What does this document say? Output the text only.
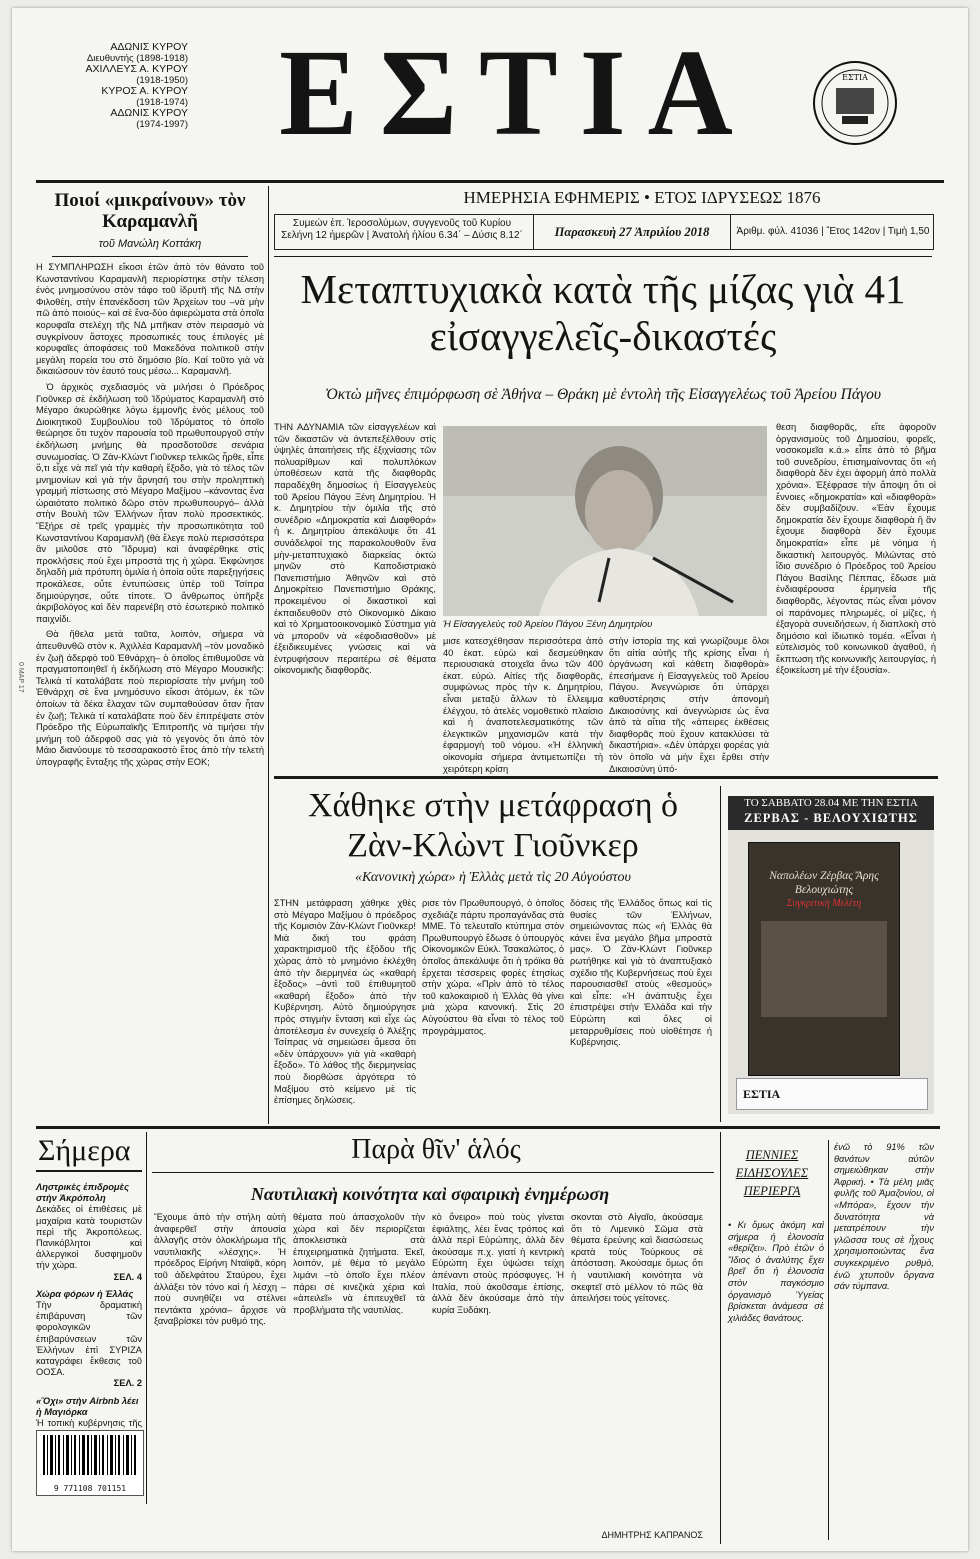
ΑΔΩΝΙΣ ΚΥΡΟΥ
Διευθυντής (1898-1918)
ΑΧΙΛΛΕΥΣ Α. ΚΥΡΟΥ
(1918-1950)
ΚΥΡΟΣ Α. ΚΥΡΟΥ
(1918-1974)
ΑΔΩΝΙΣ ΚΥΡΟΥ
(1974-1997) ΕΣΤΙΑ	ΕΣΤΙΑ
ΗΜΕΡΗΣΙΑ ΕΦΗΜΕΡΙΣ • ΕΤΟΣ ΙΔΡΥΣΕΩΣ 1876
Συμεών ἐπ. Ἱεροσολύμων, συγγενοῦς τοῦ Κυρίου
Σελήνη 12 ἡμερῶν | Ἀνατολή ἡλίου 6.34΄ – Δύσις 8.12΄	Παρασκευὴ 27 Ἀπριλίου 2018	Ἀριθμ. φύλ. 41036 | Ἔτος 142ον | Τιμὴ 1,50
Ποιοί «μικραίνουν» τὸν Καραμανλῆ
τοῦ Μανώλη Κοττάκη

Η ΣΥΜΠΛΗΡΩΣΗ εἴκοσι ἐτῶν ἀπὸ τὸν θάνατο τοῦ Κωνσταντίνου Καραμανλῆ περιορίστηκε στὴν τέλεση ἑνὸς μνημοσύνου στὸν τάφο τοῦ ἱδρυτῆ τῆς ΝΔ στὴν Φιλοθέη, στὴν ἐπανέκδοση τῶν Ἀρχείων του –νὰ μὴν πῶ ἀπὸ ποιούς– καὶ σὲ ἕνα-δύο ἀφιερώματα στὰ ὁποῖα κορυφαῖα στελέχη τῆς ΝΔ μπῆκαν στὸν πειρασμὸ νὰ συγκρίνουν ἄστοχες προσωπικές τους ἐπιλογὲς μὲ κορυφαῖες ἀποφάσεις τοῦ Μακεδόνα πολιτικοῦ στὴν μεγάλη πορεία του στὸ δημόσιο βίο. Καί τοῦτο γιὰ νὰ δικαιώσουν τὸν ἑαυτό τους μέσω... Καραμανλῆ.

Ὁ ἀρχικὸς σχεδιασμὸς νὰ μιλήσει ὁ Πρόεδρος Γιοῦνκερ σὲ ἐκδήλωση τοῦ Ἱδρύματος Καραμανλῆ στὸ Μέγαρο ἀκυρώθηκε λόγω ἐμμονῆς ἑνὸς μέλους τοῦ Διοικητικοῦ Συμβουλίου τοῦ Ἱδρύματος τὸ ὁποῖο θεώρησε ὅτι τυχὸν παρουσία τοῦ πρωθυπουργοῦ στὴν ἐκδήλωση μνήμης θὰ προσδοτοῦσε σενάρια συνωμοσίας. Ὁ Ζὰν-Κλὼντ Γιοῦνκερ τελικῶς ἦρθε, εἶπε ὅ,τι εἶχε νὰ πεῖ γιὰ τὴν καθαρὴ ἔξοδο, γιὰ τὸ τέλος τῶν μνημονίων καὶ γιὰ τὴν ἄρνησή του στὴν προληπτικὴ γραμμή πίστωσης στὸ Μέγαρο Μαξίμου –κάνοντας ἕνα ὡραιότατο πολιτικὸ δῶρο στὸν πρωθυπουργό– ἀλλὰ στὴν Βουλὴ τῶν Ἑλλήνων ἦταν πολὺ προσεκτικός. Ἔξήρε σὲ τρεῖς γραμμὲς τὴν προσωπικότητα τοῦ Κωνσταντίνου Καραμανλῆ (θὰ ἔλεγε πολὺ περισσότερα ἂν μιλοῦσε στὸ Ἵδρυμα) καὶ ἀναφέρθηκε στὶς προκλήσεις ποὺ ἔχει μπροστά της ἡ χώρα. Ἐκφώνησε δηλαδὴ μιὰ πρότυπη ὁμιλία ἡ ὁποία οὔτε παρεξηγήσεις προκάλεσε, οὔτε ἐντυπώσεις ὑπὲρ τοῦ Τσίπρα δημιούργησε, οὔτε τίποτε. Ὁ ἄνθρωπος ὑπῆρξε ἀκριβολόγος καὶ δὲν παρενέβη στὸ ἐσωτερικὸ πολιτικὸ παιχνίδι.

Θὰ ἤθελα μετὰ ταῦτα, λοιπόν, σήμερα νὰ ἀπευθυνθῶ στὸν κ. Ἀχιλλέα Καραμανλῆ –τὸν μοναδικὸ ἐν ζωῇ ἀδερφὸ τοῦ Ἐθνάρχη– ὁ ὁποῖος ἐπιθυμοῦσε νὰ πραγματοποιηθεῖ ἡ ἐκδήλωση στὸ Μέγαρο Μουσικῆς: Τελικὰ τί καταλάβατε ποὺ περιορίσατε τὴν μνήμη τοῦ Ἐθνάρχη σὲ ἕνα μνημόσυνο εἴκοσι ἀτόμων, ἐκ τῶν ὁποίων τὰ δέκα ἔλαχαν τῶν συμπαθούσαν ὅταν ἦταν ἐν ζωῇ; Τελικὰ τί καταλάβατε ποὺ δὲν ἐπιτρέψατε στὸν Πρόεδρο τῆς Εὐρωπαϊκῆς Ἐπιτροπῆς νὰ τιμήσει τὴν μνήμη τοῦ ἀδερφοῦ σας γιὰ τὸ γεγονὸς ὅτι ἀπὸ τὸν Μάιο διανύουμε τὸ τεσσαρακοστὸ ἔτος ἀπὸ τὴν τελετὴ ὑπογραφῆς ἔνταξης τῆς χώρας στὴν ΕΟΚ;

Μεταπτυχιακὰ κατὰ τῆς μίζας γιὰ 41 εἰσαγγελεῖς-δικαστές
Ὀκτὼ μῆνες ἐπιμόρφωση σὲ Ἀθήνα – Θράκη μὲ ἐντολὴ τῆς Εἰσαγγελέως τοῦ Ἀρείου Πάγου
ΤΗΝ ΑΔΥΝΑΜΙΑ τῶν εἰσαγγελέων καὶ τῶν δικαστῶν νὰ ἀντεπεξέλθουν στὶς ὑψηλὲς ἀπαιτήσεις τῆς ἐξιχνίασης τῶν πολυαρίθμων καὶ πολυπλόκων ὑποθέσεων κατὰ τῆς διαφθορᾶς παραδέχθη δημοσίως ἡ Εἰσαγγελεὺς τοῦ Ἀρείου Πάγου Ξένη Δημητρίου. Ἡ κ. Δημητρίου τὴν ὁμιλία τῆς στὸ συνέδριο «Δημοκρατία καὶ Διαφθορά» ἡ κ. Δημητρίου ἀπεκάλυψε ὅτι 41 συνάδελφοί της παρακολουθοῦν ἕνα μὴν-μεταπτυχιακὸ διαρκείας ὀκτὼ μηνῶν στὸ Καποδιστριακὸ Πανεπιστήμιο Ἀθηνῶν καὶ στὸ Δημοκρίτειο Πανεπιστήμιο Θράκης, προκειμένου οἱ δικαστικοὶ καὶ ἐκπαιδευθοῦν στὸ Οἰκονομικὸ Δίκαιο καὶ τὸ Χρηματοοικονομικὸ Σύστημα γιὰ νὰ μποροῦν νὰ «ἐφοδιασθοῦν» μὲ ἐξειδικευμένες γνώσεις καὶ νὰ ἐντρυφήσουν περαιτέρω σὲ θέματα οἰκονομικῆς διαφθορᾶς.
Ἡ Εἰσαγγελεὺς τοῦ Ἀρείου Πάγου Ξένη Δημητρίου
μισε κατεσχέθησαν περισσότερα ἀπὸ 40 ἑκατ. εὐρὼ καὶ δεσμεύθηκαν περιουσιακὰ στοιχεῖα ἄνω τῶν 400 ἑκατ. εὐρώ. Αἰτίες τῆς διαφθορᾶς, συμφώνως πρὸς τὴν κ. Δημητρίου, εἶναι μεταξὺ ἄλλων τὸ ἔλλειμμα ἐλέγχου, τὸ ἀτελὲς νομοθετικὸ πλαίσιο καὶ ἡ ἀναποτελεσματικότης τῶν ἐλεγκτικῶν μηχανισμῶν κατὰ τὴν ἐφαρμογὴ τοῦ νόμου. «Ἡ ἑλληνικὴ οἰκονομία σήμερα ἀντιμετωπίζει τὴ χειρότερη κρίση
στὴν ἱστορία της καὶ γνωρίζουμε ὅλοι ὅτι αἰτία αὐτῆς τῆς κρίσης εἶναι ἡ ὀργάνωση καὶ κάθετη διαφθορὰ» ἐπεσήμανε ἡ Εἰσαγγελεὺς τοῦ Ἀρείου Πάγου. Ἀνεγνώρισε ὅτι ὑπάρχει καθυστέρησις στὴν ἀπονομὴ Δικαιοσύνης καὶ ἀνεγνώρισε ὡς ἕνα ἀπὸ τὰ αἴτια τῆς «ἀπειρες ἐκθέσεις διαφθορᾶς ποὺ ἔχουν κατακλύσει τὰ δικαστήρια». «Δὲν ὑπάρχει φορέας γιὰ τὸν ὁποῖο νὰ μὴν ἔχει ἔρθει στὴν Δικαιοσύνη ὑπό-
θεση διαφθορᾶς, εἴτε ἀφοροῦν ὀργανισμοὺς τοῦ Δημοσίου, φορεῖς, νοσοκομεῖα κ.ά.» εἶπε ἀπὸ τὸ βῆμα τοῦ συνεδρίου, ἐπισημαίνοντας ὅτι «ἡ διαφθορὰ δὲν ἐχει ἀφορμὴ ἀπὸ πολλὰ χρόνια». Ἐξέφρασε τὴν ἄποψη ὅτι οἱ ἔννοιες «δημοκρατία» καὶ «διαφθορὰ» δὲν συμβαδίζουν. «Ἐὰν ἔχουμε δημοκρατία δὲν ἔχουμε διαφθορὰ ἢ ἂν ἔχουμε διαφθορὰ δὲν ἔχουμε δημοκρατία» εἶπε μὲ νόημα ἡ δικαστικὴ λειτουργός. Μιλώντας στὸ ἴδιο συνέδριο ὁ Πρόεδρος τοῦ Ἀρείου Πάγου Βασίλης Πέππας, ἔδωσε μιὰ ἐνδιαφέρουσα ἑρμηνεία τῆς διαφθορᾶς, λέγοντας πὼς εἶναι μόνον οἱ παράνομες πληρωμές, οἱ μίζες, ἡ ἐξαγορὰ συνειδήσεων, ἡ διαπλοκὴ στὸ δημόσιο καὶ ἰδιωτικὸ τομέα. «Εἶναι ἡ εὐτελισμὸς τοῦ κοινωνικοῦ ἀγαθοῦ, ἡ ἔκπτωση τῆς κοινωνικῆς λειτουργίας, ἡ ἐξοικείωση μὲ τὴν ἐξουσία».
Χάθηκε στὴν μετάφραση ὁ Ζὰν-Κλὼντ Γιοῦνκερ
«Κανονικὴ χώρα» ἡ Ἑλλὰς μετὰ τὶς 20 Αὐγούστου
ΣΤΗΝ μετάφραση χάθηκε χθὲς στὸ Μέγαρο Μαξίμου ὁ πρόεδρος τῆς Κομισιὸν Ζὰν-Κλὼντ Γιοῦνκερ! Μιὰ δική του φράση χαρακτηρισμοῦ τῆς ἐξόδου τῆς χώρας ἀπὸ τὸ μνημόνιο ἐκλέχθη ἀπὸ τὴν διερμηνέα ὡς «καθαρὴ ἔξοδος» –ἀντὶ τοῦ ἐπιθυμητοῦ «καθαρὴ ἔξοδο» ἀπὸ τὴν Κυβέρνηση. Αὐτὸ δημιούργησε πρὸς στιγμὴν ἔνταση καὶ εἶχε ὡς ἀποτέλεσμα ἐν συνεχείᾳ ὁ Ἀλέξης Τσίπρας νὰ σημειώσει ἄμεσα ὅτι «δὲν ὑπάρχουν» γιὰ γιὰ «καθαρὴ ἔξοδο». Τὸ λάθος τῆς διερμηνείας ποὺ διορθώσε ἀργότερα τὸ Μαξίμου στὸ κείμενο μὲ τὶς ἐπίσημες δηλώσεις.
ρισε τὸν Πρωθυπουργό, ὁ ὁποῖος σχεδιάζε πάρτυ προπαγάνδας στὰ ΜΜΕ. Τὸ τελευταῖο κτύπημα στὸν Πρωθυπουργὸ ἔδωσε ὁ ὑπουργὸς Οἰκονομικῶν Εὐκλ. Τσακαλώτος, ὁ ὁποῖος ἀπεκάλυψε ὅτι ἡ τρόϊκα θὰ ἔρχεται τέσσερεις φορὲς ἐτησίως στὴν χώρα. «Πρὶν ἀπὸ τὸ τέλος τοῦ καλοκαιριοῦ ἡ Ἑλλὰς θὰ γίνει μιὰ χώρα κανονική. Στὶς 20 Αὐγούστου θὰ εἶναι τὸ τέλος τοῦ προγράμματος.
δόσεις τῆς Ἑλλάδος ὅπως καὶ τὶς θυσίες τῶν Ἑλλήνων, σημειώνοντας πὼς «ἡ Ἑλλὰς θὰ κάνει ἕνα μεγάλο βῆμα μπροστὰ μας». Ὁ Ζὰν-Κλὼντ Γιοῦνκερ ρωτήθηκε καὶ γιὰ τὸ ἀναπτυξιακὸ σχέδιο τῆς Κυβερνήσεως ποὺ ἔχει παρουσιασθεῖ στοὺς «θεσμούς» καὶ εἶπε: «Ἡ ἀνάπτυξις ἔχει ἐπιστρέψει στὴν Ἑλλάδα καὶ τὴν Εὐρώπη καὶ ὅλες οἱ μεταρρυθμίσεις ποὺ υἱοθέτησε ἡ Κυβέρνησις.
ΤΟ ΣΑΒΒΑΤΟ 28.04 ΜΕ ΤΗΝ ΕΣΤΙΑ
ΖΕΡΒΑΣ - ΒΕΛΟΥΧΙΩΤΗΣ
Ναπολέων Ζέρβας Ἄρης Βελουχιώτης
Συγκριτικὴ Μελέτη
ΕΣΤΙΑ
Σήμερα
Ληστρικὲς ἐπιδρομὲς στὴν Ἀκρόπολη
Δεκάδες οἱ ἐπιθέσεις μὲ μαχαίρια κατὰ τουριστῶν περὶ τῆς Ἀκροπόλεως. Πανικόβλητοι καὶ ἀλλεργικοὶ δυσφημοῦν τὴν χώρα.
ΣΕΛ. 4
Χώρα φόρων ἡ Ἑλλάς
Τὴν δραματικὴ ἐπιβάρυνση τῶν φορολογικῶν ἐπιβαρύνσεων τῶν Ἑλλήνων ἐπὶ ΣΥΡΙΖΑ καταγράφει ἔκθεσις τοῦ ΟΟΣΑ.
ΣΕΛ. 2
«Ὄχι» στὴν Airbnb λέει ἡ Μαγιόρκα
Ἡ τοπικὴ κυβέρνησις τῆς
9 771108 701151
Παρὰ θῖν' ἁλός
Ναυτιλιακὴ κοινότητα καὶ σφαιρικὴ ἐνημέρωση
Ἔχουμε ἀπὸ τὴν στήλη αὐτὴ ἀναφερθεῖ στὴν ἀπουσία ἀλλαγῆς στὸν ὁλοκλήρωμα τῆς ναυτιλιακῆς «λέσχης». Ἡ πρόεδρος Εἰρήνη Νταϊφᾶ, κόρη τοῦ ἀδελφάτου Σταύρου, ἔχει ἀλλάξει τὸν τόνο καὶ ἡ λέσχη –ποὺ συνηθίζει να στέλνει πεντάκτα χρόνια– ἄρχισε νὰ ξαναβρίσκει τὸν ρυθμό της.
θέματα ποὺ ἀπασχολοῦν τὴν χώρα καὶ δὲν περιορίζεται ἀποκλειστικὰ στὰ ἐπιχειρηματικὰ ζητήματα. Ἐκεῖ, λοιπόν, μὲ θέμα τὸ μεγάλο λιμάνι –τὸ ὁποῖο ἔχει πλέον πάρει σὲ κινεζικὰ χέρια καὶ «ἀπειλεῖ» νὰ ἐπιτευχθεῖ τὰ προβλήματα τῆς ναυτιλίας.
κὸ ὄνειρο» ποὺ τοὺς γίνεται ἐφιάλτης, λέει ἕνας τρόπος καὶ ἀλλὰ περὶ Εὐρώπης, ἀλλὰ δὲν ἀκούσαμε π.χ. γιατί ἡ κεντρικὴ Εὐρώπη ἔχει ὑψώσει τείχη ἀπέναντι στοὺς πρόσφυγες. Ἡ Ιταλία, ποὺ ἀκοῦσαμε ἐπίσης, ἀλλὰ δὲν ἀκούσαμε ἀπὸ τὴν κυρία Ξυδάκη.
σκονται στὸ Αἰγαῖο, ἀκούσαμε ὅτι τὸ Λιμενικὸ Σῶμα στὰ θέματα ἐρεύνης καὶ διασώσεως κρατὰ τοὺς Τούρκους σὲ ἀπόσταση. Ἀκούσαμε ὅμως ὅτι ἡ ναυτιλιακὴ κοινότητα νὰ σκεφτεῖ στὸ μέλλον τὸ πῶς θὰ ἀπειλήσει τοὺς γείτονες.
ΔΗΜΗΤΡΗΣ ΚΑΠΡΑΝΟΣ
ΠΕΝΝΙΕΣ
ΕΙΔΗΣΟΥΛΕΣ
ΠΕΡΙΕΡΓΑ
• Κι ὅμως ἀκόμη καὶ σήμερα ἡ ἐλονοσία «θερίζει». Πρὸ ἐτῶν ὁ Ἴδιος ὁ ἀναλύτης ἔχει βρεῖ ὅτι ἡ ἐλονοσία στὸν παγκόσμιο ὀργανισμὸ Ὑγείας βρίσκεται ἀνάμεσα σὲ χιλιάδες θανάτους.
ἐνῶ τὸ 91% τῶν θανάτων αὐτῶν σημειώθηκαν στὴν Ἀφρική. • Τὰ μέλη μιᾶς φυλῆς τοῦ Ἀμαζονίου, οἱ «Μπόρα», ἔχουν τὴν δυνατότητα νὰ μετατρέπουν τὴν γλῶσσα τους σὲ ἦχους χρησιμοποιώντας ἕνα συγκεκριμένο ρυθμὸ, ἐνῶ χτυποῦν ὄργανα σάν τύμπανα.
0 ΜΑΡ 17
